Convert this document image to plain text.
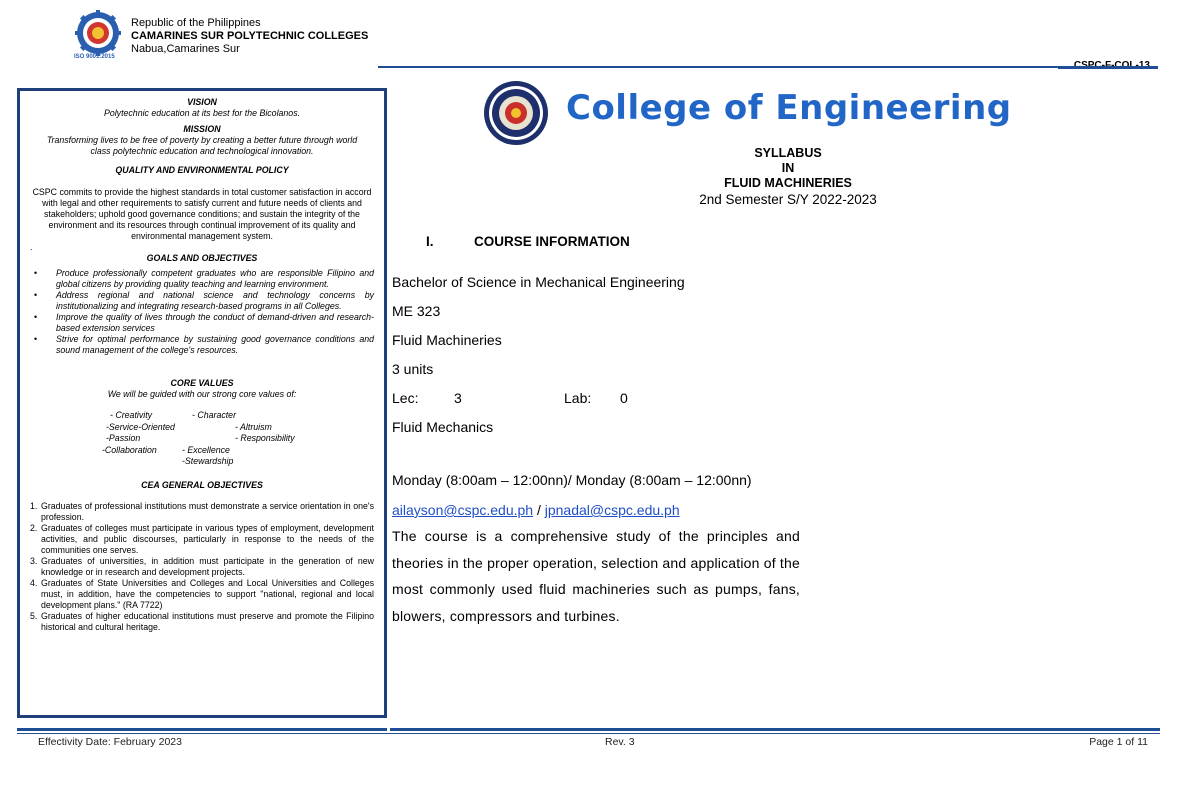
ISO 9001:2015
Republic of the Philippines
CAMARINES SUR POLYTECHNIC COLLEGES
Nabua,Camarines Sur
VISION
Polytechnic education at its best for the Bicolanos.
MISSION
Transforming lives to be free of poverty by creating a better future through world class polytechnic education and technological innovation.
QUALITY AND ENVIRONMENTAL POLICY
CSPC commits to provide the highest standards in total customer satisfaction in accord with legal and other requirements to satisfy current and future needs of clients and stakeholders; uphold good governance conditions; and sustain the integrity of the environment and its resources through continual improvement of its quality and environmental management system.
.
GOALS AND OBJECTIVES
• Produce professionally competent graduates who are responsible Filipino and global citizens by providing quality teaching and learning environment.
• Address regional and national science and technology concerns by institutionalizing and integrating research-based programs in all Colleges.
• Improve the quality of lives through the conduct of demand-driven and research- based extension services
• Strive for optimal performance by sustaining good governance conditions and sound management of the college's resources.
CORE VALUES
We will be guided with our strong core values of:
- Creativity	- Character
-Service-Oriented	- Altruism
-Passion	- Responsibility
-Collaboration	- Excellence
-Stewardship
CEA GENERAL OBJECTIVES
1. Graduates of professional institutions must demonstrate a service orientation in one's profession.
2. Graduates of colleges must participate in various types of employment, development activities, and public discourses, particularly in response to the needs of the communities one serves.
3. Graduates of universities, in addition must participate in the generation of new knowledge or in research and development projects.
4. Graduates of State Universities and Colleges and Local Universities and Colleges must, in addition, have the competencies to support "national, regional and local development plans." (RA 7722)
5. Graduates of higher educational institutions must preserve and promote the Filipino historical and cultural heritage.
College of Engineering
SYLLABUS
IN
FLUID MACHINERIES
2nd Semester S/Y 2022-2023
I.	COURSE INFORMATION
Bachelor of Science in Mechanical Engineering
ME 323
Fluid Machineries
3 units
Lec:	3	Lab: 0
Fluid Mechanics
Monday (8:00am – 12:00nn)/ Monday (8:00am – 12:00nn)
ailayson@cspc.edu.ph / jpnadal@cspc.edu.ph
The course is a comprehensive study of the principles and theories in the proper operation, selection and application of the most commonly used fluid machineries such as pumps, fans, blowers, compressors and turbines.
Effectivity Date: February 2023	Rev. 3	Page 1 of 11
